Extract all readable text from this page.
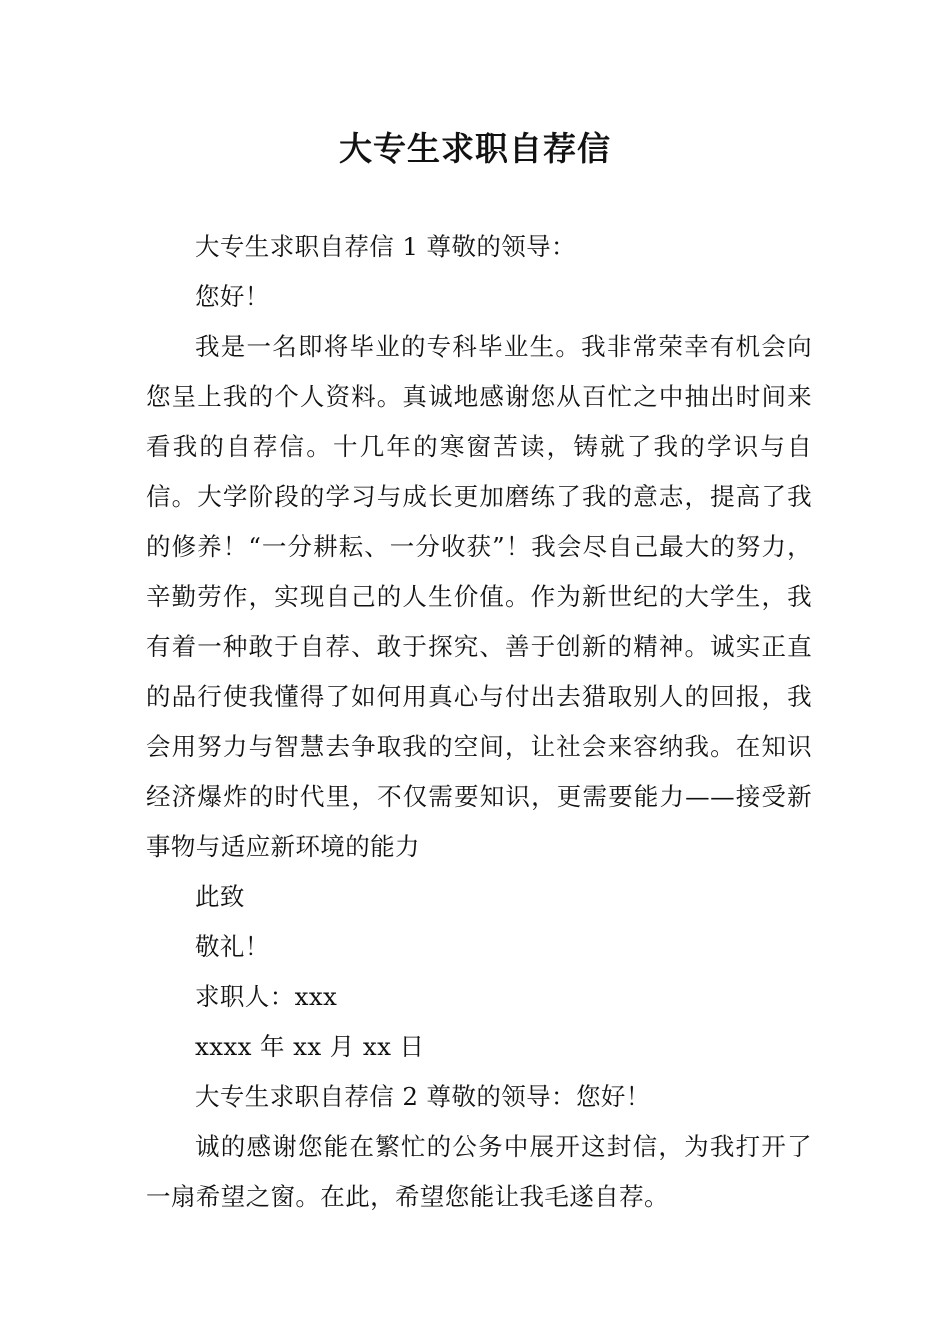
大专生求职自荐信

大专生求职自荐信 1 尊敬的领导：

您好！

我是一名即将毕业的专科毕业生。我非常荣幸有机会向您呈上我的个人资料。真诚地感谢您从百忙之中抽出时间来看我的自荐信。十几年的寒窗苦读，铸就了我的学识与自信。大学阶段的学习与成长更加磨练了我的意志，提高了我的修养！“一分耕耘、一分收获”！我会尽自己最大的努力，辛勤劳作，实现自己的人生价值。作为新世纪的大学生，我有着一种敢于自荐、敢于探究、善于创新的精神。诚实正直的品行使我懂得了如何用真心与付出去猎取别人的回报，我会用努力与智慧去争取我的空间，让社会来容纳我。在知识经济爆炸的时代里，不仅需要知识，更需要能力——接受新事物与适应新环境的能力

此致

敬礼！

求职人：xxx

xxxx 年 xx 月 xx 日

大专生求职自荐信 2 尊敬的领导：您好！

诚的感谢您能在繁忙的公务中展开这封信，为我打开了一扇希望之窗。在此，希望您能让我毛遂自荐。
